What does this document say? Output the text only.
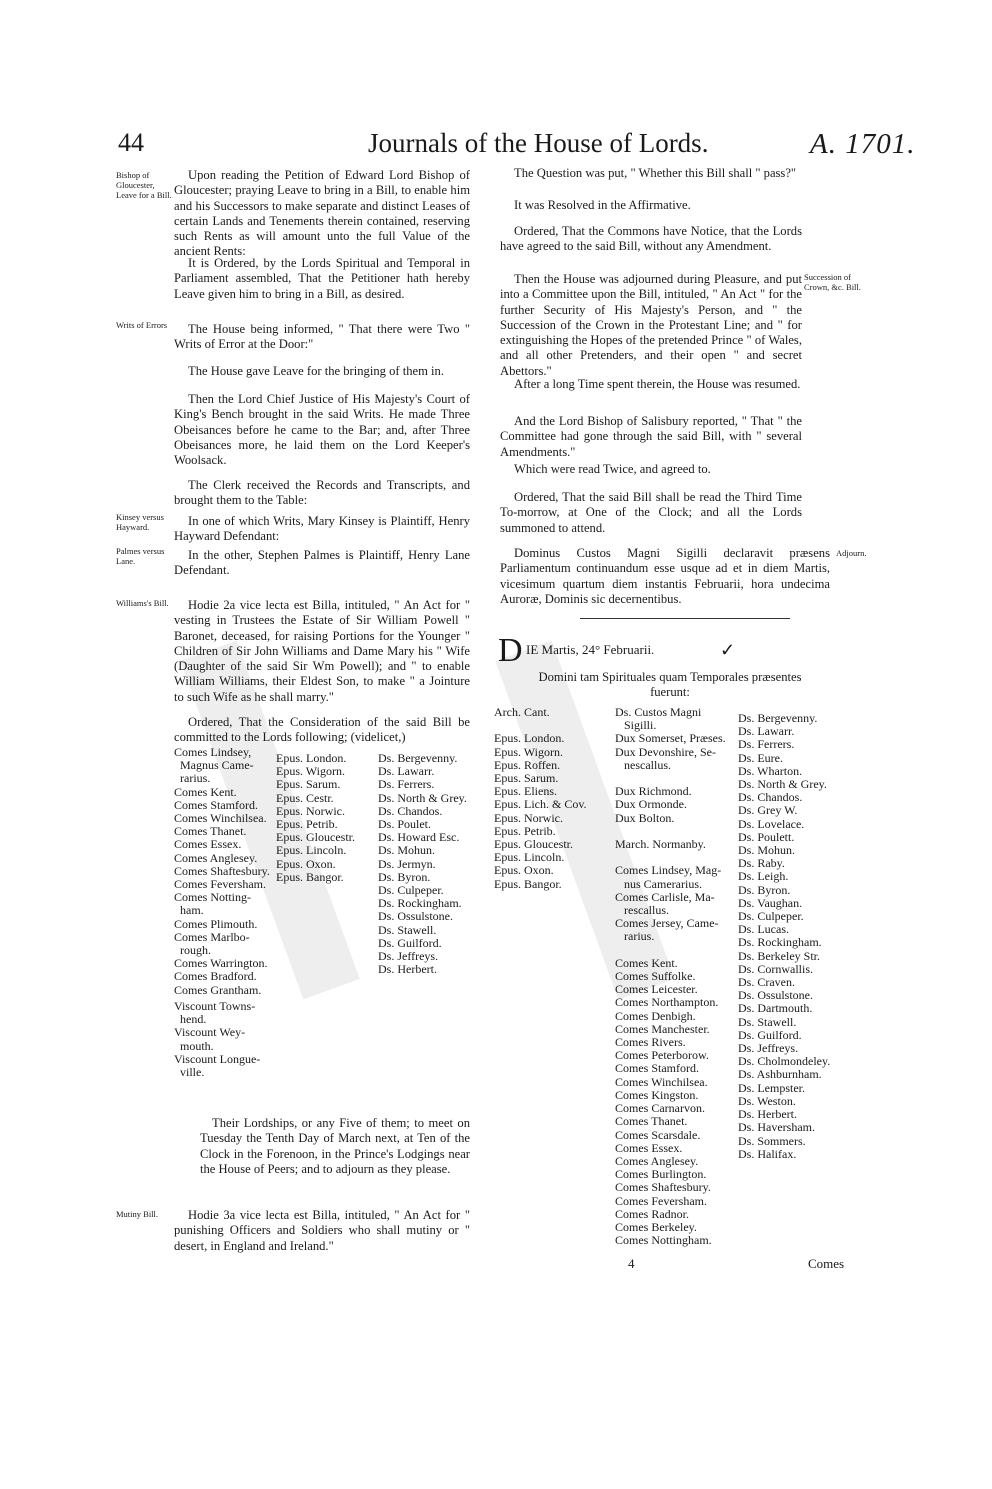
44	Journals of the House of Lords.	A. 1701.
Bishop of Gloucester, Leave for a Bill.
Writs of Errors
Kinsey versus Hayward.
Palmes versus Lane.
Williams's Bill.
Mutiny Bill.
Succession of Crown, &c. Bill.
Adjourn.
Upon reading the Petition of Edward Lord Bishop of Gloucester; praying Leave to bring in a Bill, to enable him and his Successors to make separate and distinct Leases of certain Lands and Tenements therein contained, reserving such Rents as will amount unto the full Value of the ancient Rents:
It is Ordered, by the Lords Spiritual and Temporal in Parliament assembled, That the Petitioner hath hereby Leave given him to bring in a Bill, as desired.
The House being informed, " That there were Two " Writs of Error at the Door:"
The House gave Leave for the bringing of them in.
Then the Lord Chief Justice of His Majesty's Court of King's Bench brought in the said Writs. He made Three Obeisances before he came to the Bar; and, after Three Obeisances more, he laid them on the Lord Keeper's Woolsack.
The Clerk received the Records and Transcripts, and brought them to the Table:
In one of which Writs, Mary Kinsey is Plaintiff, Henry Hayward Defendant:
In the other, Stephen Palmes is Plaintiff, Henry Lane Defendant.
Hodie 2a vice lecta est Billa, intituled, " An Act for " vesting in Trustees the Estate of Sir William Powell " Baronet, deceased, for raising Portions for the Younger " Children of Sir John Williams and Dame Mary his " Wife (Daughter of the said Sir Wm Powell); and " to enable William Williams, their Eldest Son, to make " a Jointure to such Wife as he shall marry."
Ordered, That the Consideration of the said Bill be committed to the Lords following; (videlicet,)
Comes Lindsey,
Magnus Came-
rarius.
Comes Kent.
Comes Stamford.
Comes Winchilsea.
Comes Thanet.
Comes Essex.
Comes Anglesey.
Comes Shaftesbury.
Comes Feversham.
Comes Notting-
ham.
Comes Plimouth.
Comes Marlbo-
rough.
Comes Warrington.
Comes Bradford.
Comes Grantham.
Viscount Towns-
hend.
Viscount Wey-
mouth.
Viscount Longue-
ville.
Epus. London.
Epus. Wigorn.
Epus. Sarum.
Epus. Cestr.
Epus. Norwic.
Epus. Petrib.
Epus. Gloucestr.
Epus. Lincoln.
Epus. Oxon.
Epus. Bangor.
Ds. Bergevenny.
Ds. Lawarr.
Ds. Ferrers.
Ds. North & Grey.
Ds. Chandos.
Ds. Poulet.
Ds. Howard Esc.
Ds. Mohun.
Ds. Jermyn.
Ds. Byron.
Ds. Culpeper.
Ds. Rockingham.
Ds. Ossulstone.
Ds. Stawell.
Ds. Guilford.
Ds. Jeffreys.
Ds. Herbert.
Their Lordships, or any Five of them; to meet on Tuesday the Tenth Day of March next, at Ten of the Clock in the Forenoon, in the Prince's Lodgings near the House of Peers; and to adjourn as they please.
Hodie 3a vice lecta est Billa, intituled, " An Act for " punishing Officers and Soldiers who shall mutiny or " desert, in England and Ireland."
The Question was put, " Whether this Bill shall " pass?"
It was Resolved in the Affirmative.
Ordered, That the Commons have Notice, that the Lords have agreed to the said Bill, without any Amendment.
Then the House was adjourned during Pleasure, and put into a Committee upon the Bill, intituled, " An Act " for the further Security of His Majesty's Person, and " the Succession of the Crown in the Protestant Line; and " for extinguishing the Hopes of the pretended Prince " of Wales, and all other Pretenders, and their open " and secret Abettors."
After a long Time spent therein, the House was resumed.
And the Lord Bishop of Salisbury reported, " That " the Committee had gone through the said Bill, with " several Amendments."
Which were read Twice, and agreed to.
Ordered, That the said Bill shall be read the Third Time To-morrow, at One of the Clock; and all the Lords summoned to attend.
Dominus Custos Magni Sigilli declaravit præsens Parliamentum continuandum esse usque ad et in diem Martis, vicesimum quartum diem instantis Februarii, hora undecima Auroræ, Dominis sic decernentibus.
D IE Martis, 24° Februarii.	✓
Domini tam Spirituales quam Temporales præsentes fuerunt:
Arch. Cant.

Epus. London.
Epus. Wigorn.
Epus. Roffen.
Epus. Sarum.
Epus. Eliens.
Epus. Lich. & Cov.
Epus. Norwic.
Epus. Petrib.
Epus. Gloucestr.
Epus. Lincoln.
Epus. Oxon.
Epus. Bangor.
Ds. Custos Magni
Sigilli.
Dux Somerset, Præses.
Dux Devonshire, Se-
nescallus.

Dux Richmond.
Dux Ormonde.
Dux Bolton.

March. Normanby.

Comes Lindsey, Mag-
nus Camerarius.
Comes Carlisle, Ma-
rescallus.
Comes Jersey, Came-
rarius.

Comes Kent.
Comes Suffolke.
Comes Leicester.
Comes Northampton.
Comes Denbigh.
Comes Manchester.
Comes Rivers.
Comes Peterborow.
Comes Stamford.
Comes Winchilsea.
Comes Kingston.
Comes Carnarvon.
Comes Thanet.
Comes Scarsdale.
Comes Essex.
Comes Anglesey.
Comes Burlington.
Comes Shaftesbury.
Comes Feversham.
Comes Radnor.
Comes Berkeley.
Comes Nottingham.
Ds. Bergevenny.
Ds. Lawarr.
Ds. Ferrers.
Ds. Eure.
Ds. Wharton.
Ds. North & Grey.
Ds. Chandos.
Ds. Grey W.
Ds. Lovelace.
Ds. Poulett.
Ds. Mohun.
Ds. Raby.
Ds. Leigh.
Ds. Byron.
Ds. Vaughan.
Ds. Culpeper.
Ds. Lucas.
Ds. Rockingham.
Ds. Berkeley Str.
Ds. Cornwallis.
Ds. Craven.
Ds. Ossulstone.
Ds. Dartmouth.
Ds. Stawell.
Ds. Guilford.
Ds. Jeffreys.
Ds. Cholmondeley.
Ds. Ashburnham.
Ds. Lempster.
Ds. Weston.
Ds. Herbert.
Ds. Haversham.
Ds. Sommers.
Ds. Halifax.
4	Comes
